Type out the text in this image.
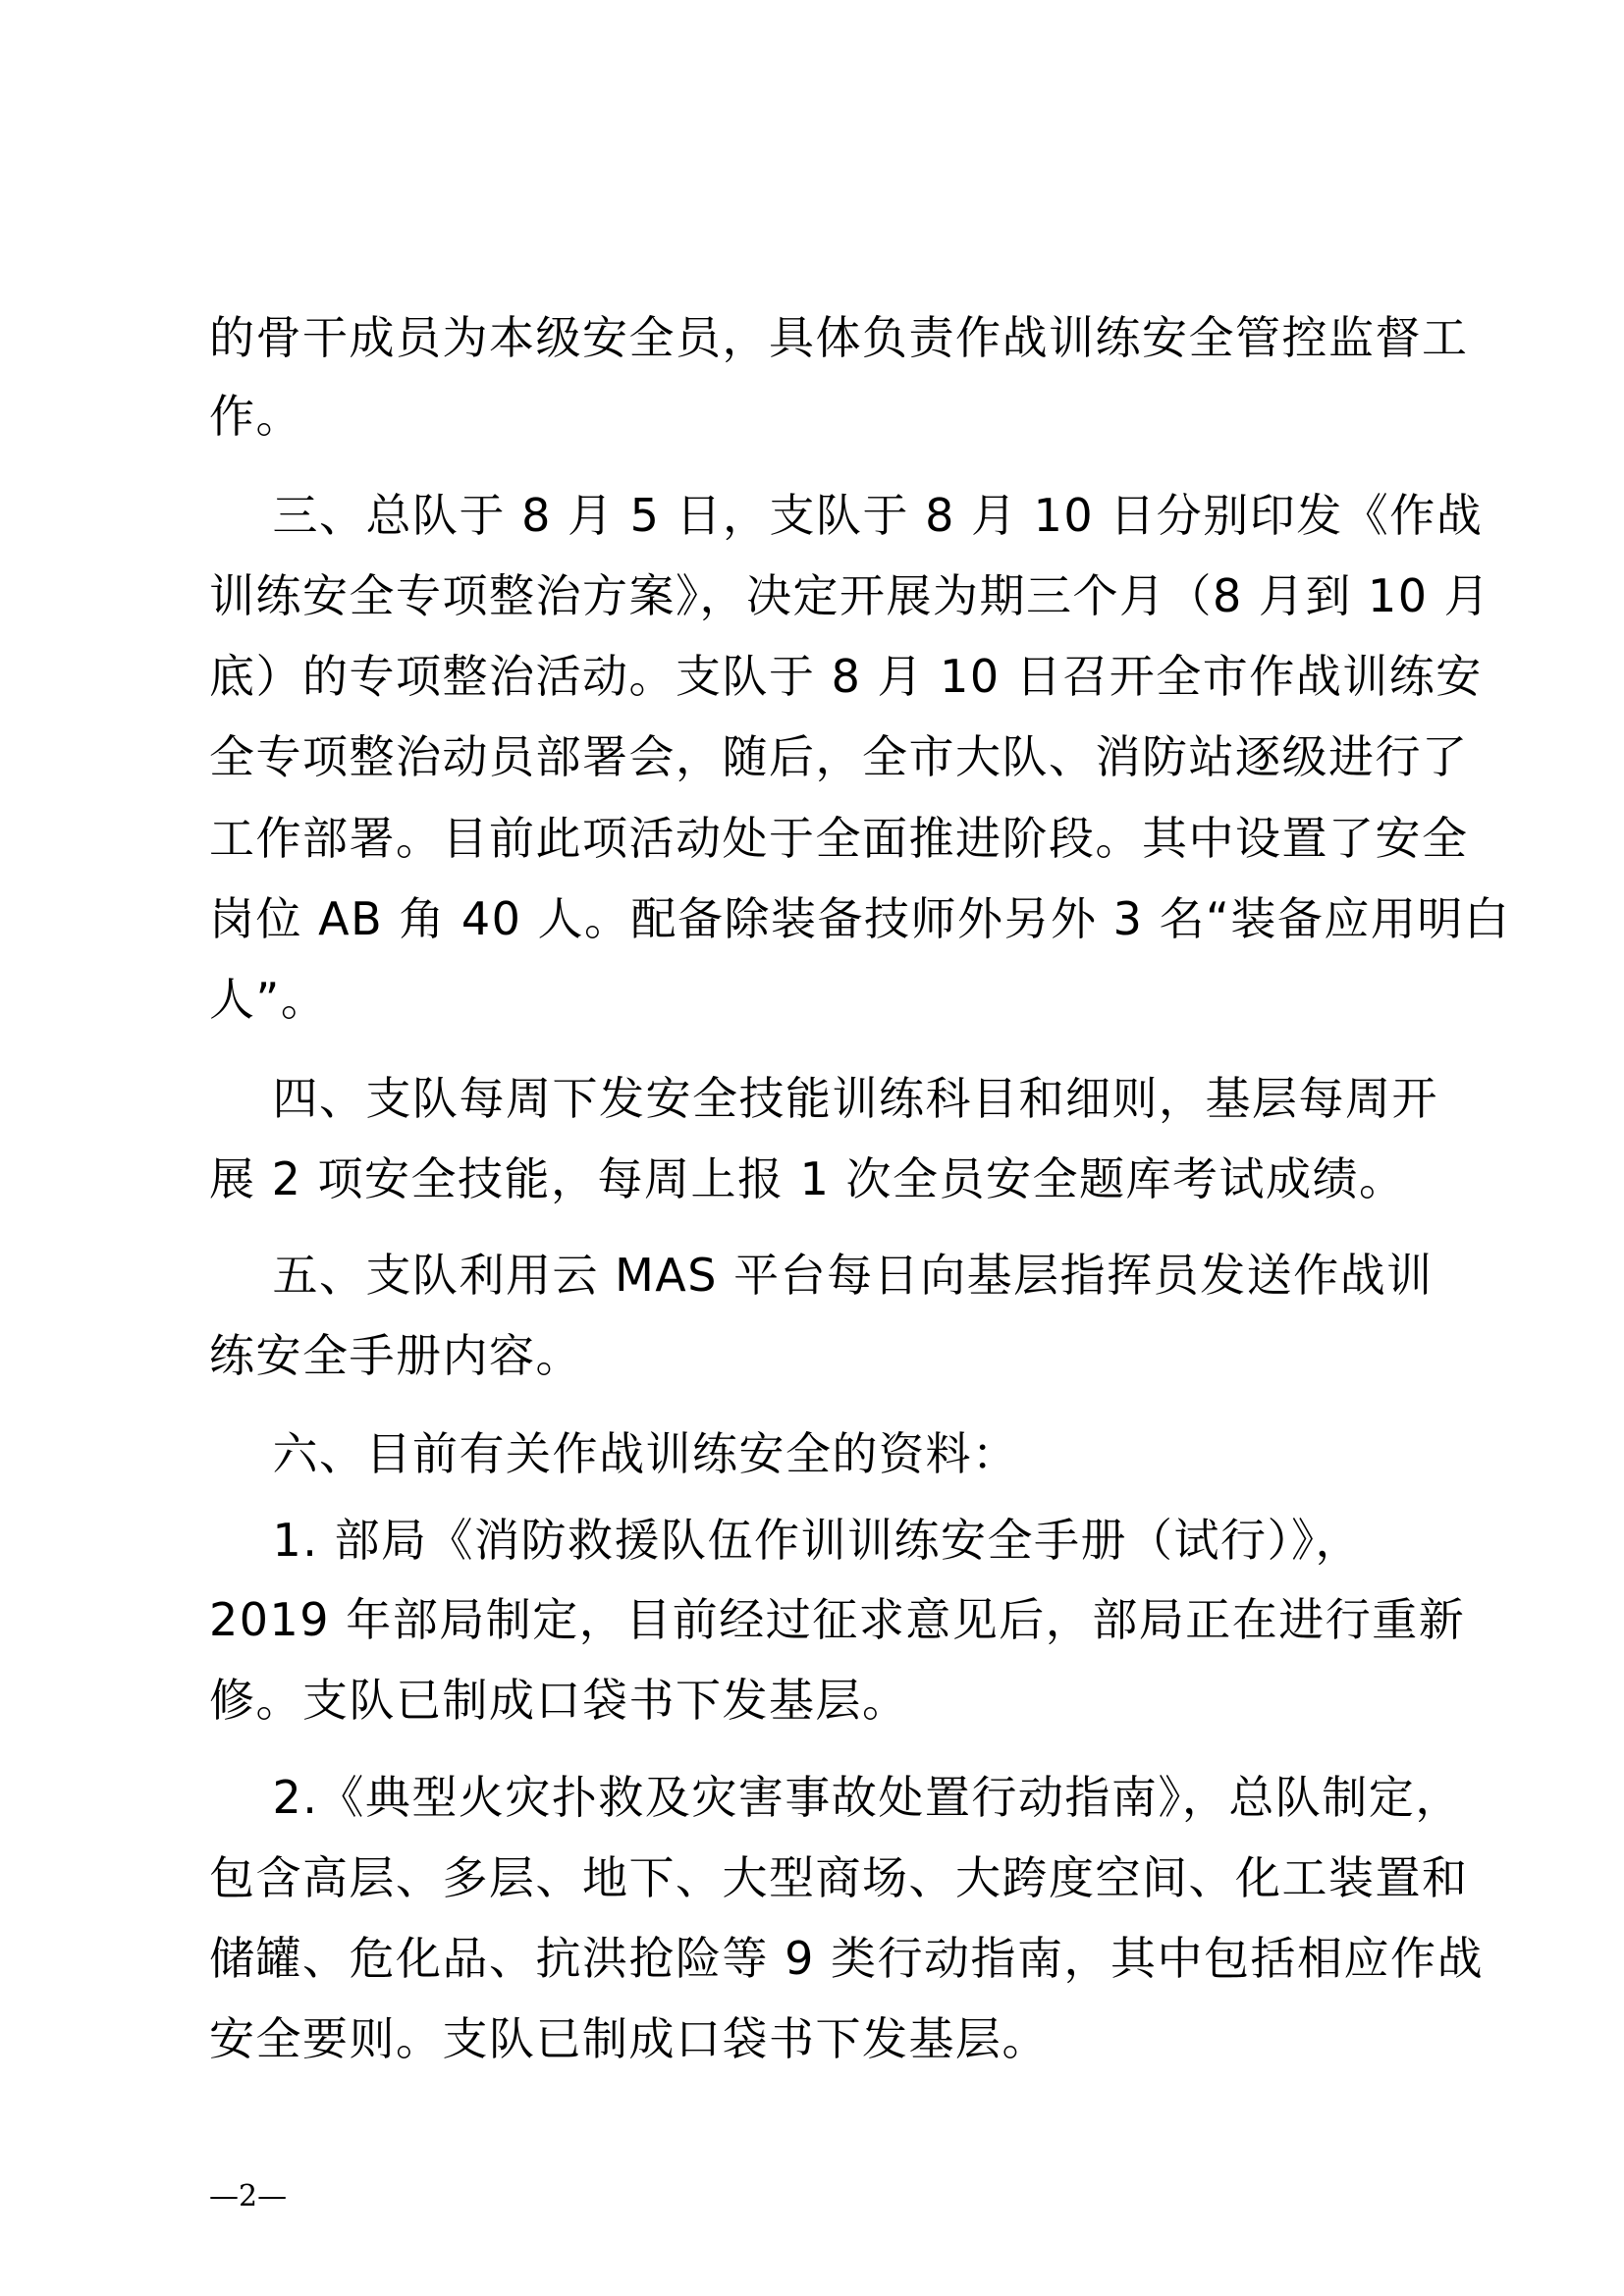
的骨干成员为本级安全员，具体负责作战训练安全管控监督工
作。
三、总队于 8 月 5 日，支队于 8 月 10 日分别印发《作战
训练安全专项整治方案》，决定开展为期三个月（8 月到 10 月
底）的专项整治活动。支队于 8 月 10 日召开全市作战训练安
全专项整治动员部署会，随后，全市大队、消防站逐级进行了
工作部署。目前此项活动处于全面推进阶段。其中设置了安全
岗位 AB 角 40 人。配备除装备技师外另外 3 名“装备应用明白
人”。
四、支队每周下发安全技能训练科目和细则，基层每周开
展 2 项安全技能，每周上报 1 次全员安全题库考试成绩。
五、支队利用云 MAS 平台每日向基层指挥员发送作战训
练安全手册内容。
六、目前有关作战训练安全的资料：
1. 部局《消防救援队伍作训训练安全手册（试行）》，
2019 年部局制定，目前经过征求意见后，部局正在进行重新
修。支队已制成口袋书下发基层。
2.《典型火灾扑救及灾害事故处置行动指南》，总队制定，
包含高层、多层、地下、大型商场、大跨度空间、化工装置和
储罐、危化品、抗洪抢险等 9 类行动指南，其中包括相应作战
安全要则。支队已制成口袋书下发基层。
—2—
